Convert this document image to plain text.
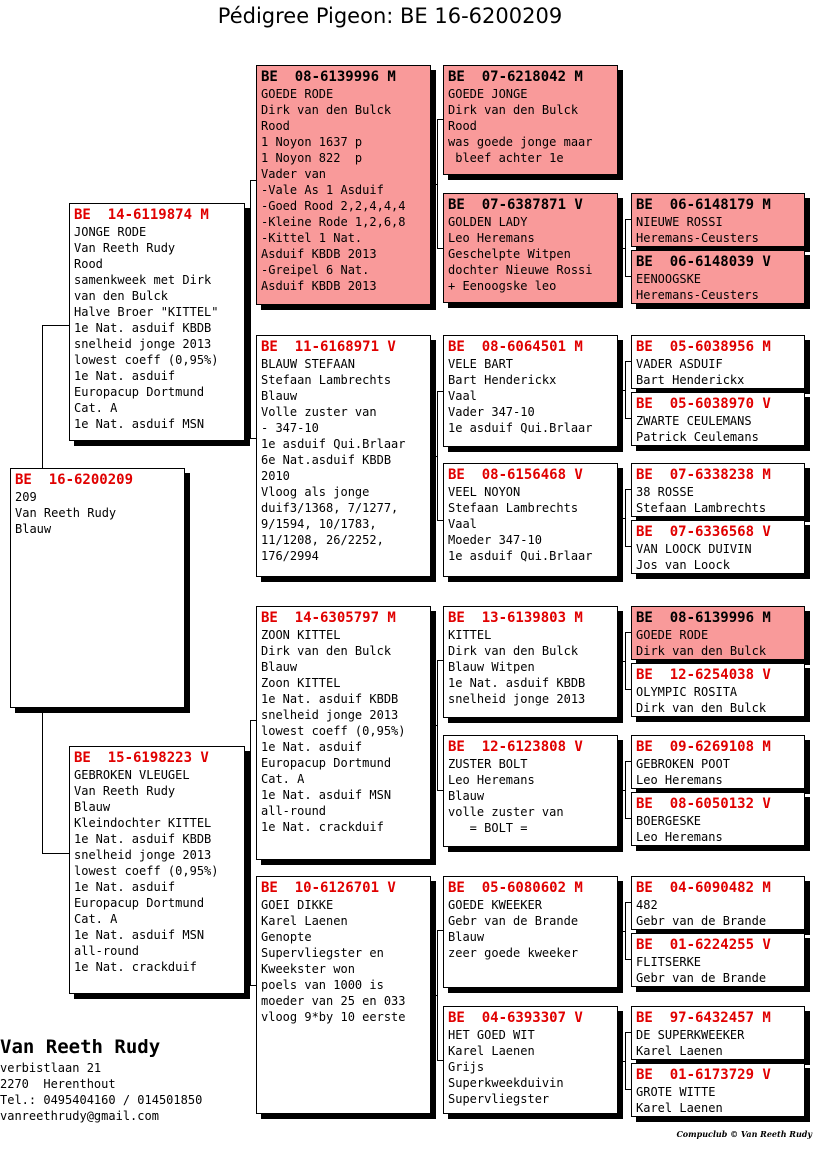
Pédigree Pigeon: BE 16-6200209
BE  16-6200209
209
Van Reeth Rudy
Blauw
BE  14-6119874 M
JONGE RODE
Van Reeth Rudy
Rood
samenkweek met Dirk
van den Bulck
Halve Broer "KITTEL"
1e Nat. asduif KBDB
snelheid jonge 2013
lowest coeff (0,95%)
1e Nat. asduif
Europacup Dortmund
Cat. A
1e Nat. asduif MSN
BE  15-6198223 V
GEBROKEN VLEUGEL
Van Reeth Rudy
Blauw
Kleindochter KITTEL
1e Nat. asduif KBDB
snelheid jonge 2013
lowest coeff (0,95%)
1e Nat. asduif
Europacup Dortmund
Cat. A
1e Nat. asduif MSN
all-round
1e Nat. crackduif
BE  08-6139996 M
GOEDE RODE
Dirk van den Bulck
Rood
1 Noyon 1637 p
1 Noyon 822  p
Vader van
-Vale As 1 Asduif
-Goed Rood 2,2,4,4,4
-Kleine Rode 1,2,6,8
-Kittel 1 Nat.
Asduif KBDB 2013
-Greipel 6 Nat.
Asduif KBDB 2013
BE  11-6168971 V
BLAUW STEFAAN
Stefaan Lambrechts
Blauw
Volle zuster van
- 347-10
1e asduif Qui.Brlaar
6e Nat.asduif KBDB
2010
Vloog als jonge
duif3/1368, 7/1277,
9/1594, 10/1783,
11/1208, 26/2252,
176/2994
BE  14-6305797 M
ZOON KITTEL
Dirk van den Bulck
Blauw
Zoon KITTEL
1e Nat. asduif KBDB
snelheid jonge 2013
lowest coeff (0,95%)
1e Nat. asduif
Europacup Dortmund
Cat. A
1e Nat. asduif MSN
all-round
1e Nat. crackduif
BE  10-6126701 V
GOEI DIKKE
Karel Laenen
Genopte
Supervliegster en
Kweekster won
poels van 1000 is
moeder van 25 en 033
vloog 9*by 10 eerste
BE  07-6218042 M
GOEDE JONGE
Dirk van den Bulck
Rood
was goede jonge maar
bleef achter 1e
BE  07-6387871 V
GOLDEN LADY
Leo Heremans
Geschelpte Witpen
dochter Nieuwe Rossi
+ Eenoogske leo
BE  08-6064501 M
VELE BART
Bart Henderickx
Vaal
Vader 347-10
1e asduif Qui.Brlaar
BE  08-6156468 V
VEEL NOYON
Stefaan Lambrechts
Vaal
Moeder 347-10
1e asduif Qui.Brlaar
BE  13-6139803 M
KITTEL
Dirk van den Bulck
Blauw Witpen
1e Nat. asduif KBDB
snelheid jonge 2013
BE  12-6123808 V
ZUSTER BOLT
Leo Heremans
Blauw
volle zuster van
= BOLT =
BE  05-6080602 M
GOEDE KWEEKER
Gebr van de Brande
Blauw
zeer goede kweeker
BE  04-6393307 V
HET GOED WIT
Karel Laenen
Grijs
Superkweekduivin
Supervliegster
BE  06-6148179 M
NIEUWE ROSSI
Heremans-Ceusters
BE  06-6148039 V
EENOOGSKE
Heremans-Ceusters
BE  05-6038956 M
VADER ASDUIF
Bart Henderickx
BE  05-6038970 V
ZWARTE CEULEMANS
Patrick Ceulemans
BE  07-6338238 M
38 ROSSE
Stefaan Lambrechts
BE  07-6336568 V
VAN LOOCK DUIVIN
Jos van Loock
BE  08-6139996 M
GOEDE RODE
Dirk van den Bulck
BE  12-6254038 V
OLYMPIC ROSITA
Dirk van den Bulck
BE  09-6269108 M
GEBROKEN POOT
Leo Heremans
BE  08-6050132 V
BOERGESKE
Leo Heremans
BE  04-6090482 M
482
Gebr van de Brande
BE  01-6224255 V
FLITSERKE
Gebr van de Brande
BE  97-6432457 M
DE SUPERKWEEKER
Karel Laenen
BE  01-6173729 V
GROTE WITTE
Karel Laenen
Van Reeth Rudy
verbistlaan 21
2270  Herenthout
Tel.: 0495404160 / 014501850
vanreethrudy@gmail.com
Compuclub © Van Reeth Rudy
